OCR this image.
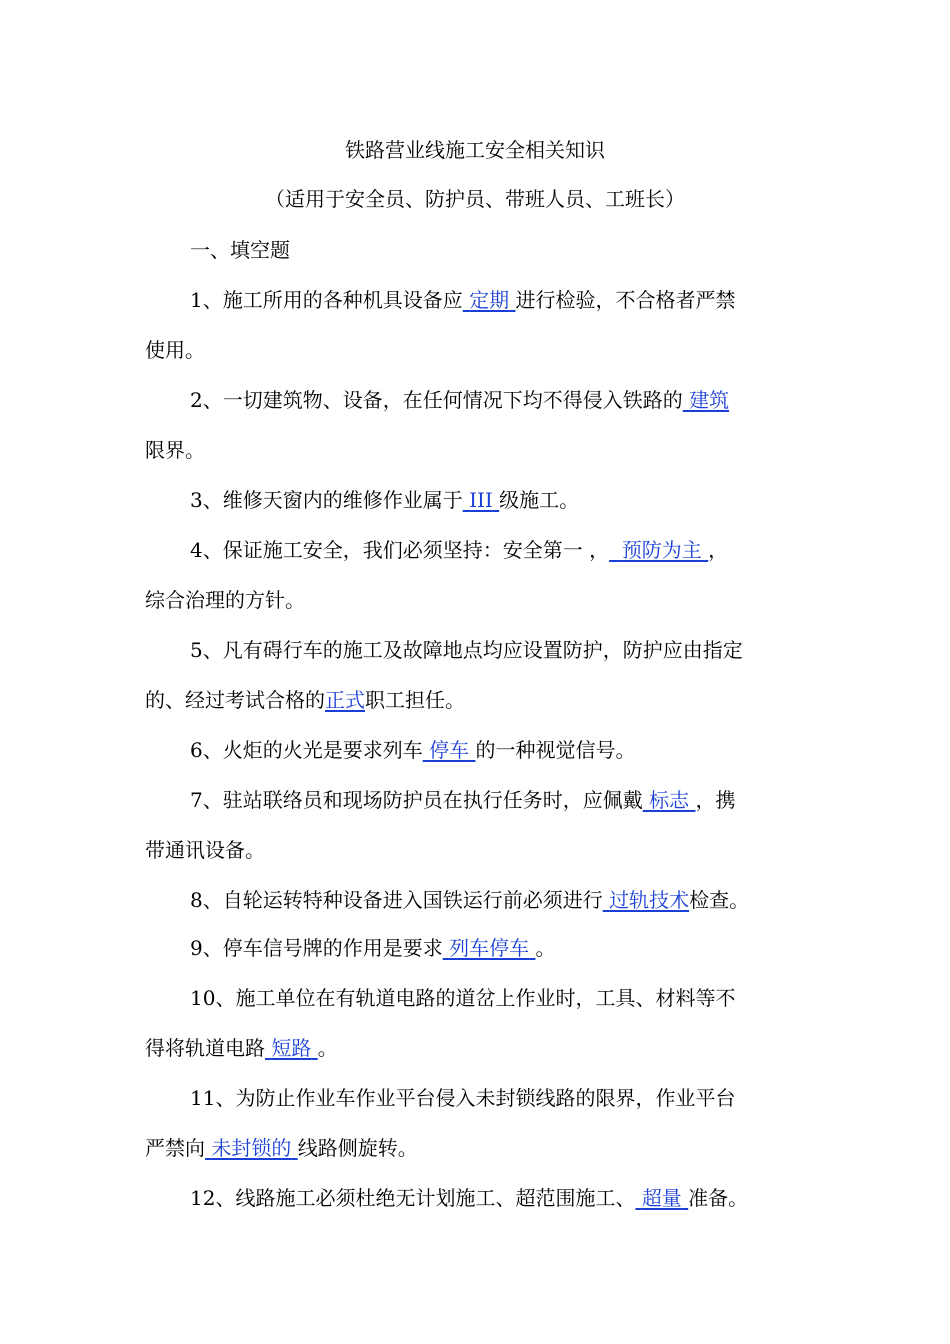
铁路营业线施工安全相关知识
（适用于安全员、防护员、带班人员、工班长）
一、填空题
1、施工所用的各种机具设备应 定期 进行检验，不合格者严禁
使用。
2、一切建筑物、设备，在任何情况下均不得侵入铁路的 建筑
限界。
3、维修天窗内的维修作业属于 III 级施工。
4、保证施工安全，我们必须坚持：安全第一 ， 预防为主 ，
综合治理的方针。
5、凡有碍行车的施工及故障地点均应设置防护，防护应由指定
的、经过考试合格的正式职工担任。
6、火炬的火光是要求列车 停车 的一种视觉信号。
7、驻站联络员和现场防护员在执行任务时，应佩戴 标志 ，携
带通讯设备。
8、自轮运转特种设备进入国铁运行前必须进行 过轨技术检查。
9、停车信号牌的作用是要求 列车停车 。
10、施工单位在有轨道电路的道岔上作业时，工具、材料等不
得将轨道电路 短路 。
11、为防止作业车作业平台侵入未封锁线路的限界，作业平台
严禁向 未封锁的 线路侧旋转。
12、线路施工必须杜绝无计划施工、超范围施工、 超量 准备。
